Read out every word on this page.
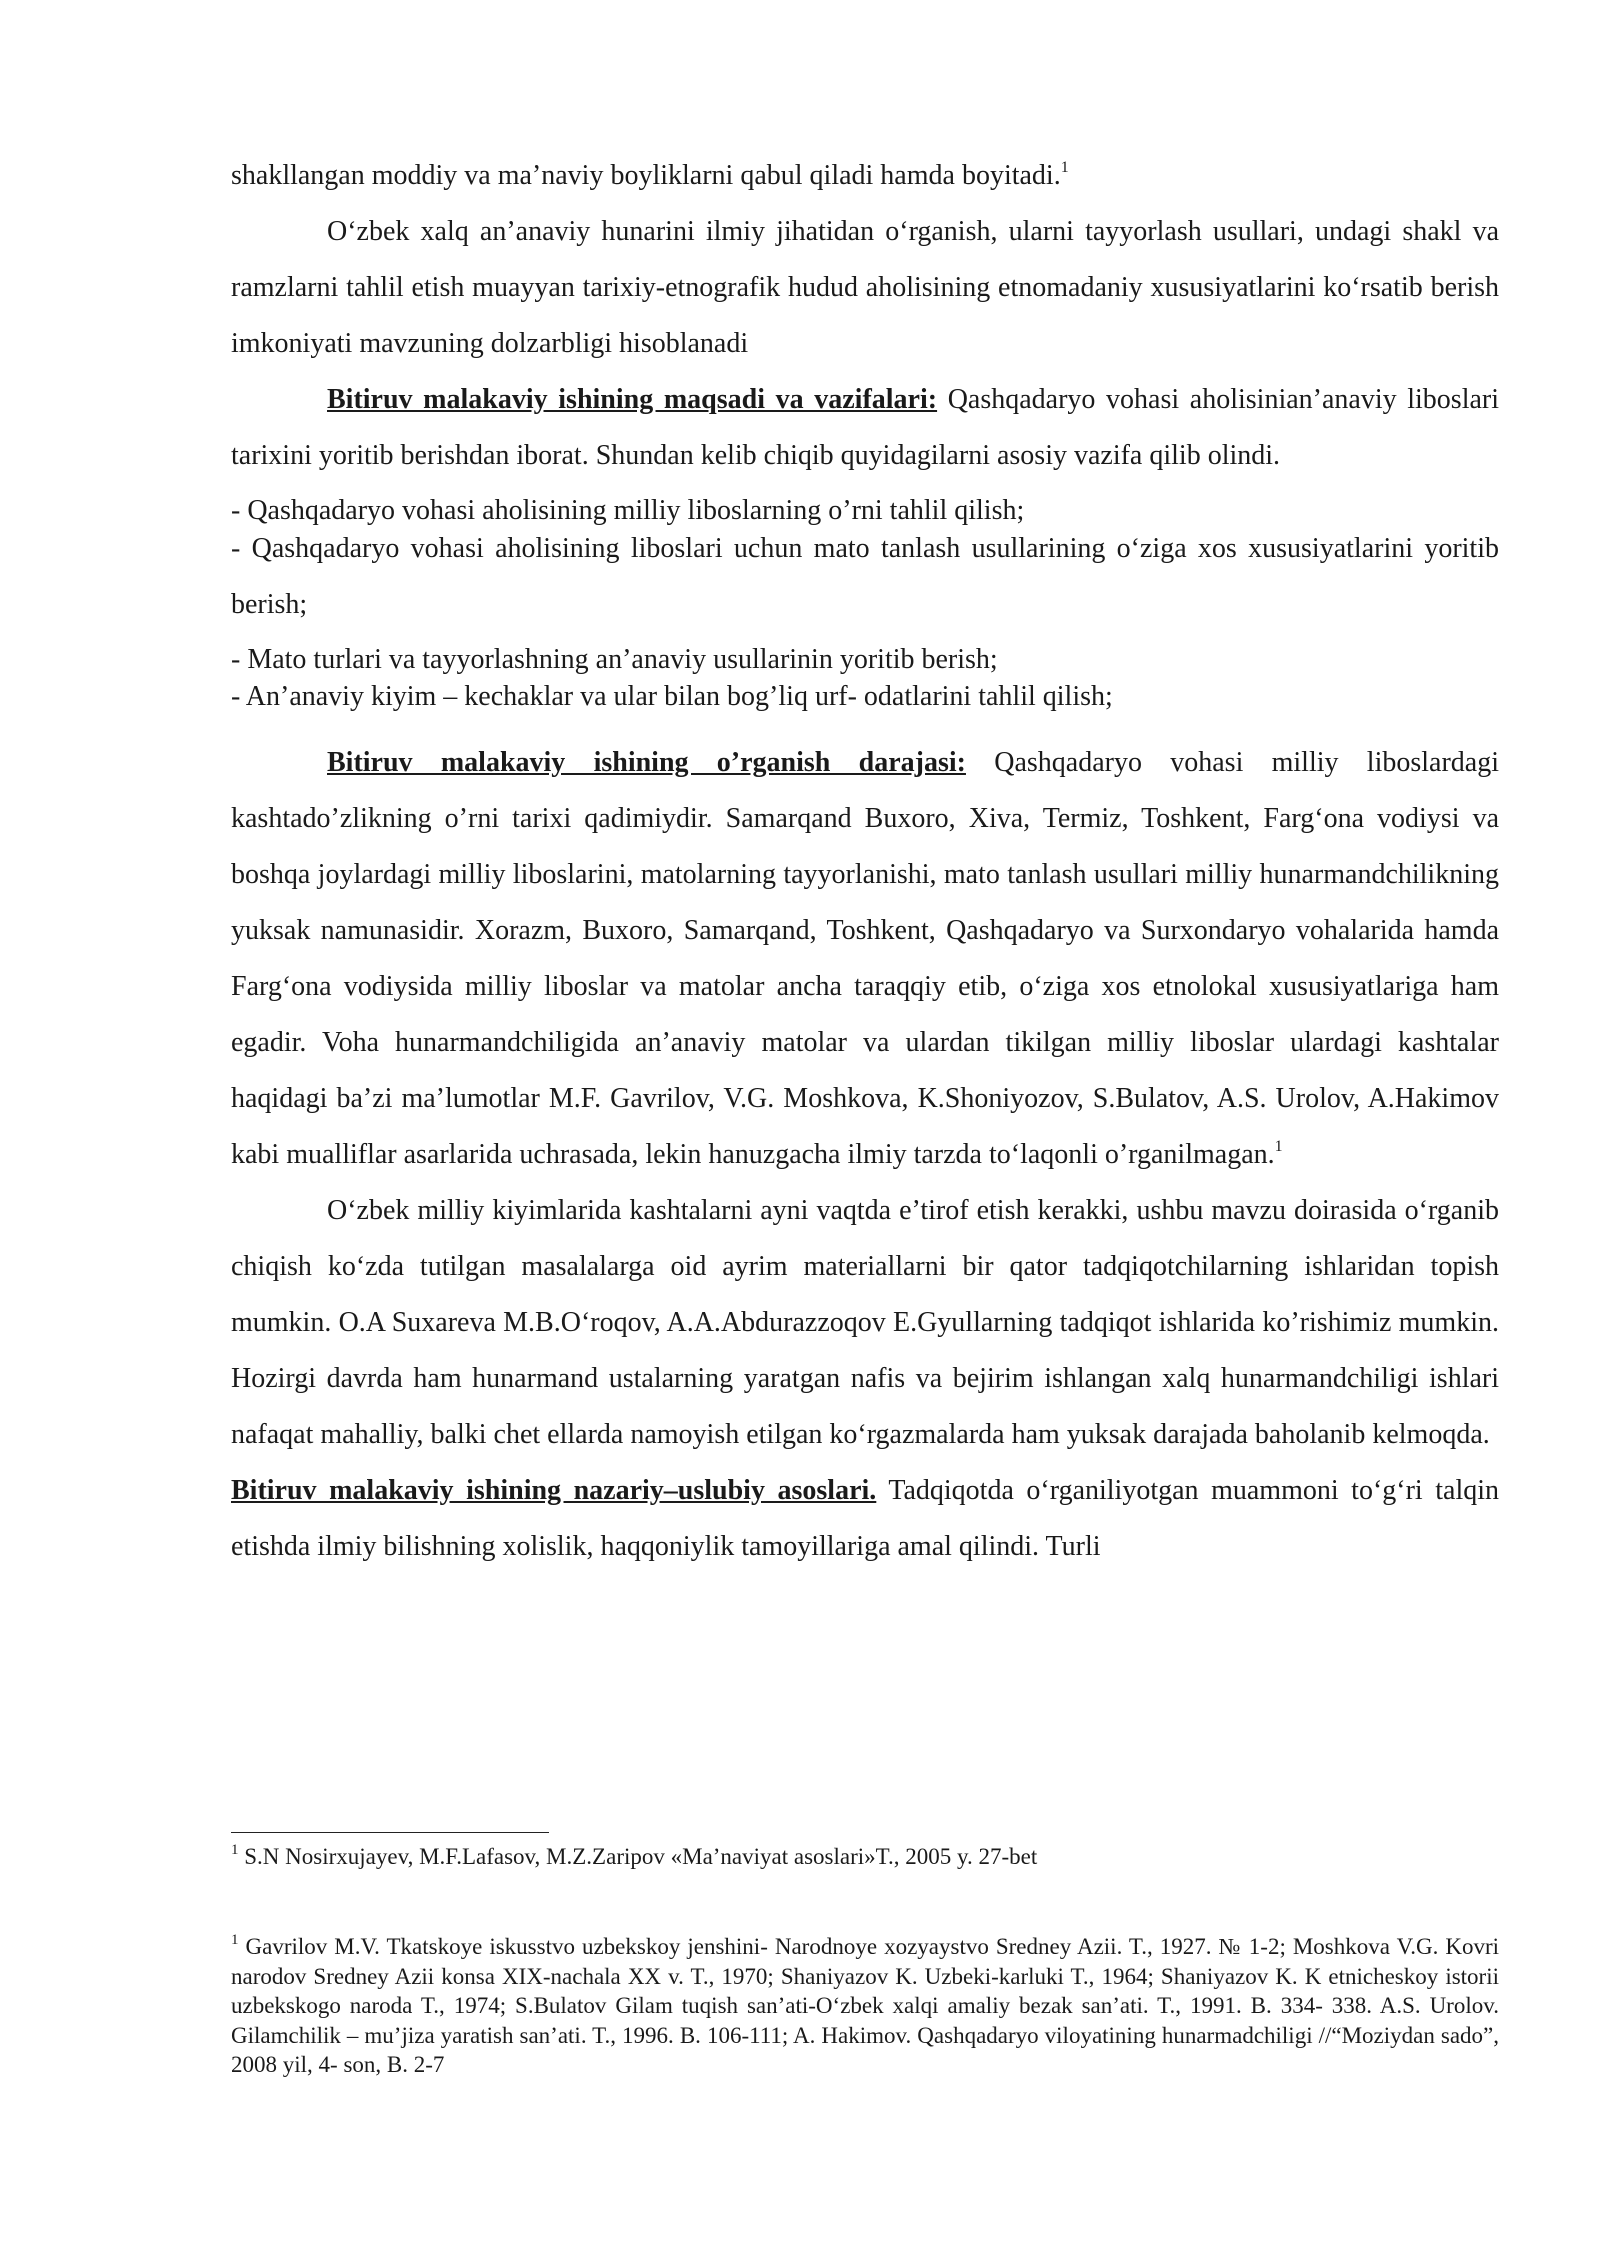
shakllangan moddiy va ma’naviy boyliklarni qabul qiladi hamda boyitadi.$^1$

O‘zbek xalq an’anaviy hunarini ilmiy jihatidan o‘rganish, ularni tayyorlash usullari, undagi shakl va ramzlarni tahlil etish muayyan tarixiy-etnografik hudud aholisining etnomadaniy xususiyatlarini ko‘rsatib berish imkoniyati mavzuning dolzarbligi hisoblanadi

Bitiruv malakaviy ishining maqsadi va vazifalari: Qashqadaryo vohasi aholisinian’anaviy liboslari tarixini yoritib berishdan iborat. Shundan kelib chiqib quyidagilarni asosiy vazifa qilib olindi.

- Qashqadaryo vohasi aholisining milliy liboslarning o’rni tahlil qilish;

- Qashqadaryo vohasi aholisining liboslari uchun mato tanlash usullarining o‘ziga xos xususiyatlarini yoritib berish;

- Mato turlari va tayyorlashning an’anaviy usullarinin yoritib berish;

- An’anaviy kiyim – kechaklar va ular bilan bog’liq urf- odatlarini tahlil qilish;

Bitiruv malakaviy ishining o’rganish darajasi: Qashqadaryo vohasi milliy liboslardagi kashtado’zlikning o’rni tarixi qadimiydir. Samarqand Buxoro, Xiva, Termiz, Toshkent, Farg‘ona vodiysi va boshqa joylardagi milliy liboslarini, matolarning tayyorlanishi, mato tanlash usullari milliy hunarmandchilikning yuksak namunasidir. Xorazm, Buxoro, Samarqand, Toshkent, Qashqadaryo va Surxondaryo vohalarida hamda Farg‘ona vodiysida milliy liboslar va matolar ancha taraqqiy etib, o‘ziga xos etnolokal xususiyatlariga ham egadir. Voha hunarmandchiligida an’anaviy matolar va ulardan tikilgan milliy liboslar ulardagi kashtalar haqidagi ba’zi ma’lumotlar M.F. Gavrilov, V.G. Moshkova, K.Shoniyozov, S.Bulatov, A.S. Urolov, A.Hakimov kabi mualliflar asarlarida uchrasada, lekin hanuzgacha ilmiy tarzda to‘laqonli o’rganilmagan.$^1$

O‘zbek milliy kiyimlarida kashtalarni ayni vaqtda e’tirof etish kerakki, ushbu mavzu doirasida o‘rganib chiqish ko‘zda tutilgan masalalarga oid ayrim materiallarni bir qator tadqiqotchilarning ishlaridan topish mumkin. O.A Suxareva M.B.O‘roqov, A.A.Abdurazzoqov E.Gyullarning tadqiqot ishlarida ko’rishimiz mumkin. Hozirgi davrda ham hunarmand ustalarning yaratgan nafis va bejirim ishlangan xalq hunarmandchiligi ishlari nafaqat mahalliy, balki chet ellarda namoyish etilgan ko‘rgazmalarda ham yuksak darajada baholanib kelmoqda.

Bitiruv malakaviy ishining nazariy–uslubiy asoslari. Tadqiqotda o‘rganiliyotgan muammoni to‘g‘ri talqin etishda ilmiy bilishning xolislik, haqqoniylik tamoyillariga amal qilindi. Turli

$^1$ S.N Nosirxujayev, M.F.Lafasov, M.Z.Zaripov «Ma’naviyat asoslari»T., 2005 y. 27-bet

$^1$ Gavrilov M.V. Tkatskoye iskusstvo uzbekskoy jenshini- Narodnoye xozyaystvo Sredney Azii. T., 1927. № 1-2; Moshkova V.G. Kovri narodov Sredney Azii konsa XIX-nachala XX v. T., 1970; Shaniyazov K. Uzbeki-karluki T., 1964; Shaniyazov K. K etnicheskoy istorii uzbekskogo naroda T., 1974; S.Bulatov Gilam tuqish san’ati-O‘zbek xalqi amaliy bezak san’ati. T., 1991. B. 334- 338. A.S. Urolov. Gilamchilik – mu’jiza yaratish san’ati. T., 1996. B. 106-111; A. Hakimov. Qashqadaryo viloyatining hunarmadchiligi //“Moziydan sado”, 2008 yil, 4- son, B. 2-7
